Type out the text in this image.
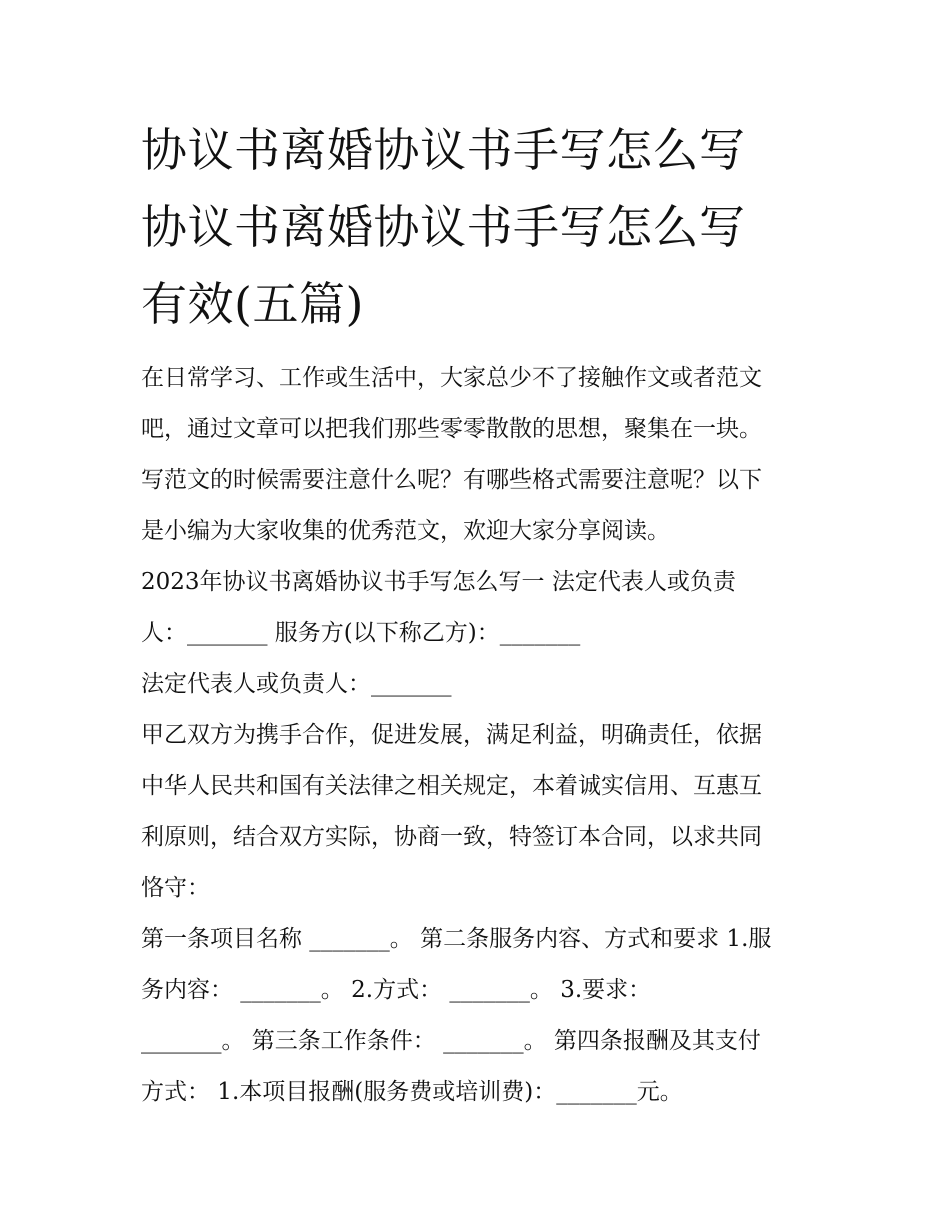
协议书离婚协议书手写怎么写
协议书离婚协议书手写怎么写
有效(五篇)
在日常学习、工作或生活中，大家总少不了接触作文或者范文
吧，通过文章可以把我们那些零零散散的思想，聚集在一块。
写范文的时候需要注意什么呢？有哪些格式需要注意呢？以下
是小编为大家收集的优秀范文，欢迎大家分享阅读。
2023年协议书离婚协议书手写怎么写一 法定代表人或负责
人：_______ 服务方(以下称乙方)：_______
法定代表人或负责人：_______
甲乙双方为携手合作，促进发展，满足利益，明确责任，依据
中华人民共和国有关法律之相关规定，本着诚实信用、互惠互
利原则，结合双方实际，协商一致，特签订本合同，以求共同
恪守：
第一条项目名称 _______。 第二条服务内容、方式和要求 1.服
务内容： _______。 2.方式： _______。 3.要求：
_______。 第三条工作条件： _______。 第四条报酬及其支付
方式： 1.本项目报酬(服务费或培训费)：_______元。
